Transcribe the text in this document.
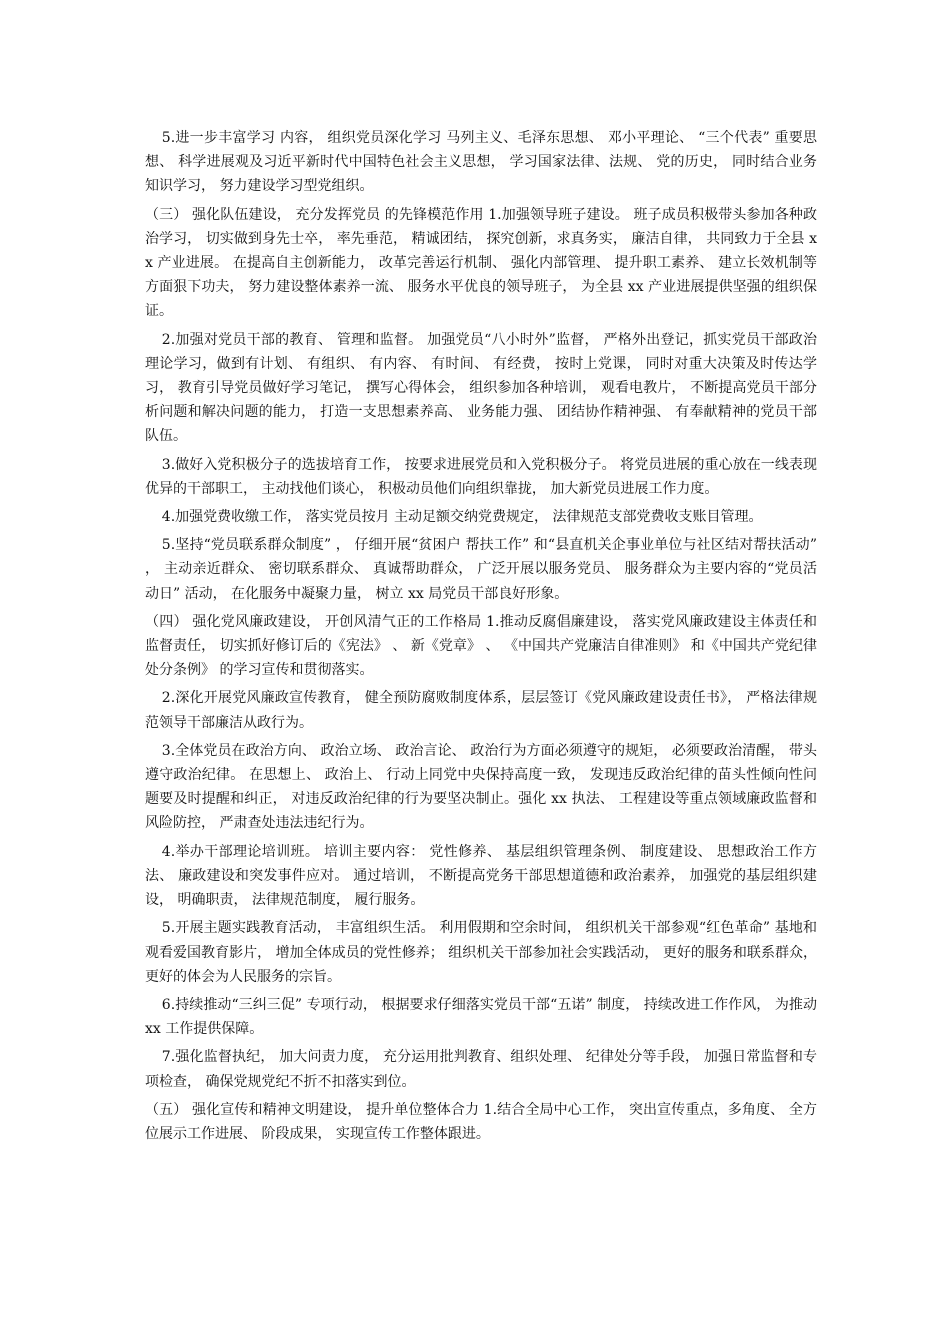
5.进一步丰富学习 内容， 组织党员深化学习 马列主义、毛泽东思想、 邓小平理论、 “三个代表” 重要思想、 科学进展观及习近平新时代中国特色社会主义思想， 学习国家法律、法规、 党的历史， 同时结合业务知识学习， 努力建设学习型党组织。

（三） 强化队伍建设， 充分发挥党员 的先锋模范作用 1.加强领导班子建设。 班子成员积极带头参加各种政治学习， 切实做到身先士卒， 率先垂范， 精诚团结， 探究创新，求真务实， 廉洁自律， 共同致力于全县 xx 产业进展。 在提高自主创新能力， 改革完善运行机制、 强化内部管理、 提升职工素养、 建立长效机制等方面狠下功夫， 努力建设整体素养一流、 服务水平优良的领导班子， 为全县 xx 产业进展提供坚强的组织保证。

2.加强对党员干部的教育、 管理和监督。 加强党员“八小时外”监督， 严格外出登记，抓实党员干部政治理论学习，做到有计划、 有组织、 有内容、 有时间、 有经费， 按时上党课， 同时对重大决策及时传达学习， 教育引导党员做好学习笔记， 撰写心得体会， 组织参加各种培训， 观看电教片， 不断提高党员干部分析问题和解决问题的能力， 打造一支思想素养高、 业务能力强、 团结协作精神强、 有奉献精神的党员干部队伍。

3.做好入党积极分子的选拔培育工作， 按要求进展党员和入党积极分子。 将党员进展的重心放在一线表现优异的干部职工， 主动找他们谈心， 积极动员他们向组织靠拢， 加大新党员进展工作力度。

4.加强党费收缴工作， 落实党员按月 主动足额交纳党费规定， 法律规范支部党费收支账目管理。

5.坚持“党员联系群众制度” ， 仔细开展“贫困户 帮扶工作” 和“县直机关企事业单位与社区结对帮扶活动” ， 主动亲近群众、 密切联系群众、 真诚帮助群众， 广泛开展以服务党员、 服务群众为主要内容的“党员活动日” 活动， 在化服务中凝聚力量， 树立 xx 局党员干部良好形象。

（四） 强化党风廉政建设， 开创风清气正的工作格局 1.推动反腐倡廉建设， 落实党风廉政建设主体责任和监督责任， 切实抓好修订后的《宪法》 、 新《党章》 、 《中国共产党廉洁自律准则》 和《中国共产党纪律处分条例》 的学习宣传和贯彻落实。

2.深化开展党风廉政宣传教育， 健全预防腐败制度体系，层层签订《党风廉政建设责任书》， 严格法律规范领导干部廉洁从政行为。

3.全体党员在政治方向、 政治立场、 政治言论、 政治行为方面必须遵守的规矩， 必须要政治清醒， 带头遵守政治纪律。 在思想上、 政治上、 行动上同党中央保持高度一致， 发现违反政治纪律的苗头性倾向性问题要及时提醒和纠正， 对违反政治纪律的行为要坚决制止。强化 xx 执法、 工程建设等重点领域廉政监督和风险防控， 严肃查处违法违纪行为。

4.举办干部理论培训班。 培训主要内容： 党性修养、 基层组织管理条例、 制度建设、 思想政治工作方法、 廉政建设和突发事件应对。 通过培训， 不断提高党务干部思想道德和政治素养， 加强党的基层组织建设， 明确职责， 法律规范制度， 履行服务。

5.开展主题实践教育活动， 丰富组织生活。 利用假期和空余时间， 组织机关干部参观“红色革命” 基地和观看爱国教育影片， 增加全体成员的党性修养； 组织机关干部参加社会实践活动， 更好的服务和联系群众， 更好的体会为人民服务的宗旨。

6.持续推动“三纠三促” 专项行动， 根据要求仔细落实党员干部“五诺” 制度， 持续改进工作作风， 为推动 xx 工作提供保障。

7.强化监督执纪， 加大问责力度， 充分运用批判教育、组织处理、 纪律处分等手段， 加强日常监督和专项检查， 确保党规党纪不折不扣落实到位。

（五） 强化宣传和精神文明建设， 提升单位整体合力 1.结合全局中心工作， 突出宣传重点，多角度、 全方位展示工作进展、 阶段成果， 实现宣传工作整体跟进。
